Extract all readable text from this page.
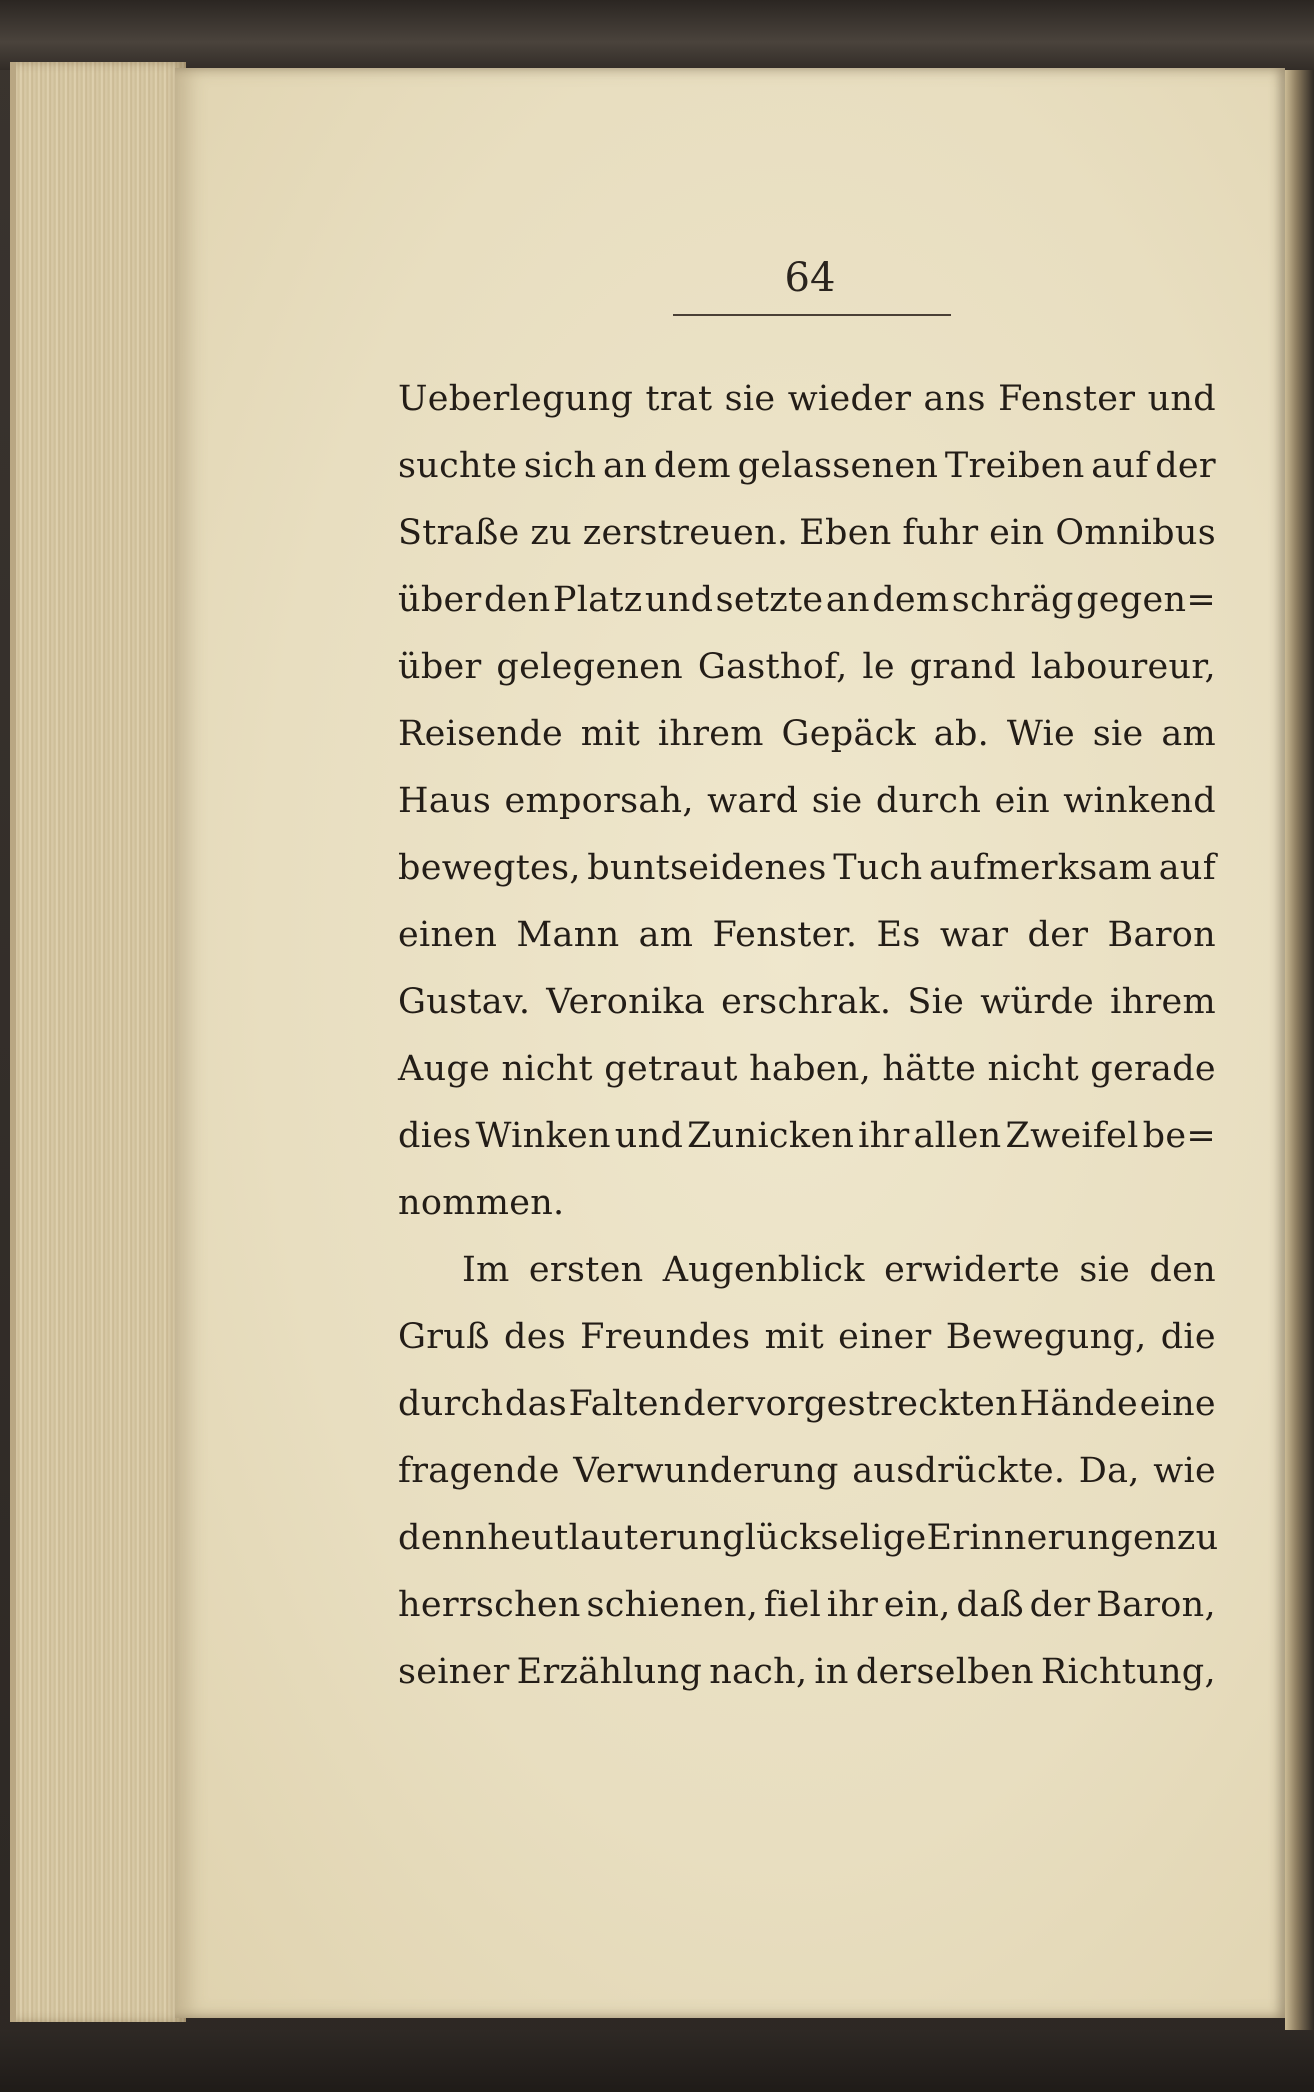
64
Ueberlegung trat sie wieder ans Fenster und
suchte sich an dem gelassenen Treiben auf der
Straße zu zerstreuen. Eben fuhr ein Omnibus
über den Platz und setzte an dem schräg gegen=
über gelegenen Gasthof, le grand laboureur,
Reisende mit ihrem Gepäck ab. Wie sie am
Haus emporsah, ward sie durch ein winkend
bewegtes, buntseidenes Tuch aufmerksam auf
einen Mann am Fenster. Es war der Baron
Gustav. Veronika erschrak. Sie würde ihrem
Auge nicht getraut haben, hätte nicht gerade
dies Winken und Zunicken ihr allen Zweifel be=
nommen.
Im ersten Augenblick erwiderte sie den
Gruß des Freundes mit einer Bewegung, die
durch das Falten der vorgestreckten Hände eine
fragende Verwunderung ausdrückte. Da, wie
denn heut lauter unglückselige Erinnerungen zu
herrschen schienen, fiel ihr ein, daß der Baron,
seiner Erzählung nach, in derselben Richtung,
